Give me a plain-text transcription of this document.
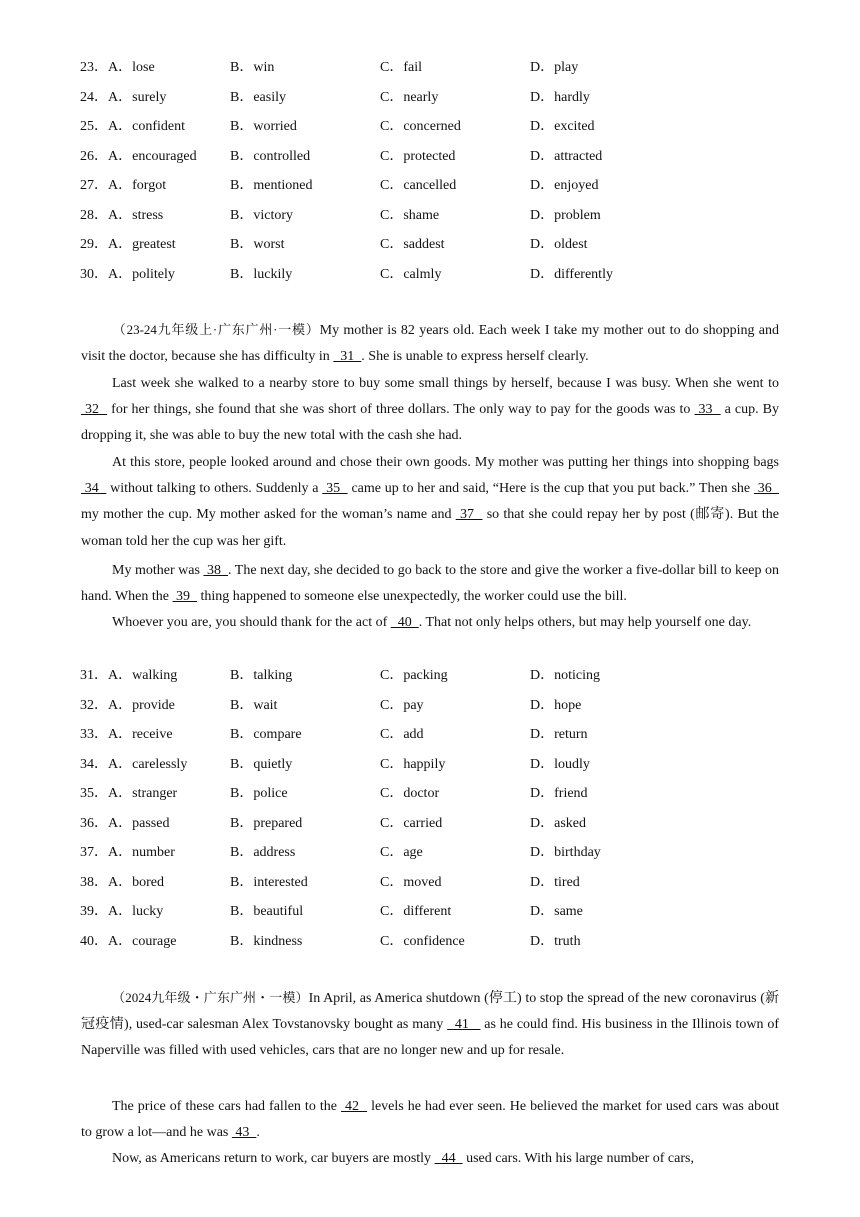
23．A．lose	B．win	C．fail	D．play
24．A．surely	B．easily	C．nearly	D．hardly
25．A．confident	B．worried	C．concerned	D．excited
26．A．encouraged B．controlled	C．protected	D．attracted
27．A．forgot	B．mentioned	C．cancelled	D．enjoyed
28．A．stress	B．victory	C．shame	D．problem
29．A．greatest	B．worst	C．saddest	D．oldest
30．A．politely	B．luckily	C．calmly	D．differently

（23-24九年级上·广东广州·一模）My mother is 82 years old. Each week I take my mother out to do shopping and visit the doctor, because she has difficulty in   31  . She is unable to express herself clearly.

Last week she walked to a nearby store to buy some small things by herself, because I was busy. When she went to  32   for her things, she found that she was short of three dollars. The only way to pay for the goods was to  33   a cup. By dropping it, she was able to buy the new total with the cash she had.

At this store, people looked around and chose their own goods. My mother was putting her things into shopping bags  34   without talking to others. Suddenly a  35   came up to her and said, “Here is the cup that you put back.” Then she  36   my mother the cup. My mother asked for the woman’s name and  37   so that she could repay her by post (邮寄). But the woman told her the cup was her gift.

My mother was  38  . The next day, she decided to go back to the store and give the worker a five-dollar bill to keep on hand. When the  39   thing happened to someone else unexpectedly, the worker could use the bill.

Whoever you are, you should thank for the act of   40  . That not only helps others, but may help yourself one day.

31．A．walking	B．talking	C．packing	D．noticing
32．A．provide	B．wait	C．pay	D．hope
33．A．receive	B．compare	C．add	D．return
34．A．carelessly	B．quietly	C．happily	D．loudly
35．A．stranger	B．police	C．doctor	D．friend
36．A．passed	B．prepared	C．carried	D．asked
37．A．number	B．address	C．age	D．birthday
38．A．bored	B．interested	C．moved	D．tired
39．A．lucky	B．beautiful	C．different	D．same
40．A．courage	B．kindness	C．confidence	D．truth

（2024九年级・广东广州・一模）In April, as America shutdown (停工) to stop the spread of the new coronavirus (新冠疫情), used-car salesman Alex Tovstanovsky bought as many   41    as he could find. His business in the Illinois town of Naperville was filled with used vehicles, cars that are no longer new and up for resale.

The price of these cars had fallen to the  42   levels he had ever seen. He believed the market for used cars was about to grow a lot—and he was  43  .

Now, as Americans return to work, car buyers are mostly   44   used cars. With his large number of cars,
